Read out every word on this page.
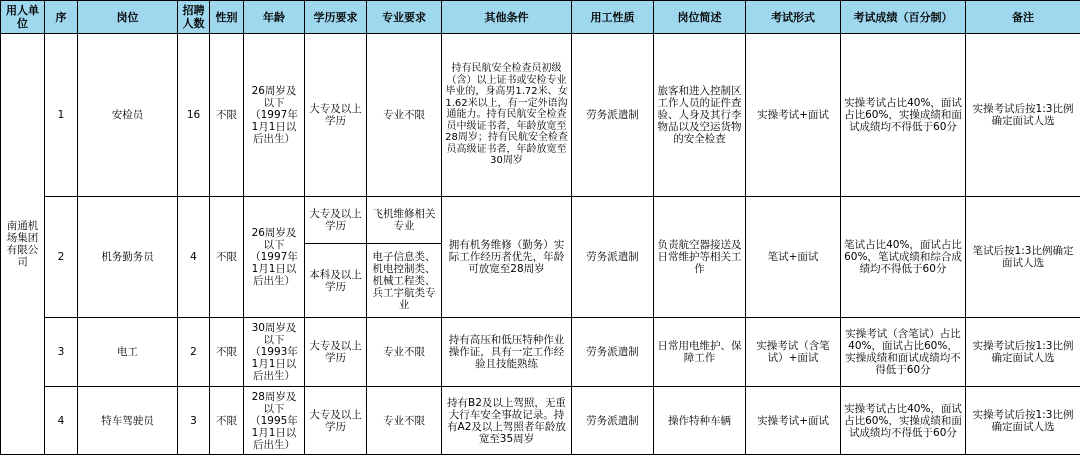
用人单位	序	岗位	招聘人数	性别	年龄	学历要求	专业要求	其他条件	用工性质	岗位简述	考试形式	考试成绩（百分制）	备注
南通机场集团有限公司	1	安检员	16	不限	26周岁及以下（1997年1月1日以后出生）	大专及以上学历	专业不限	持有民航安全检查员初级（含）以上证书或安检专业毕业的，身高男1.72米、女1.62米以上，有一定外语沟通能力。持有民航安全检查员中级证书者，年龄放宽至28周岁；持有民航安全检查员高级证书者，年龄放宽至30周岁	劳务派遣制	旅客和进入控制区工作人员的证件查验、人身及其行李物品以及空运货物的安全检查	实操考试+面试	实操考试占比40%，面试占比60%，实操成绩和面试成绩均不得低于60分	实操考试后按1:3比例确定面试人选
	2	机务勤务员	4	不限	26周岁及以下（1997年1月1日以后出生）	大专及以上学历	飞机维修相关专业	拥有机务维修（勤务）实际工作经历者优先，年龄可放宽至28周岁	劳务派遣制	负责航空器接送及日常维护等相关工作	笔试+面试	笔试占比40%，面试占比60%，笔试成绩和综合成绩均不得低于60分	笔试后按1:3比例确定面试人选
						本科及以上学历	电子信息类、机电控制类、机械工程类、兵工宇航类专业						
	3	电工	2	不限	30周岁及以下（1993年1月1日以后出生）	大专及以上学历	专业不限	持有高压和低压特种作业操作证，具有一定工作经验且技能熟练	劳务派遣制	日常用电维护、保障工作	实操考试（含笔试）+面试	实操考试（含笔试）占比40%，面试占比60%，实操成绩和面试成绩均不得低于60分	实操考试后按1:3比例确定面试人选
	4	特车驾驶员	3	不限	28周岁及以下（1995年1月1日以后出生）	大专及以上学历	专业不限	持有B2及以上驾照，无重大行车安全事故记录。持有A2及以上驾照者年龄放宽至35周岁	劳务派遣制	操作特种车辆	实操考试+面试	实操考试占比40%，面试占比60%，实操成绩和面试成绩均不得低于60分	实操考试后按1:3比例确定面试人选
